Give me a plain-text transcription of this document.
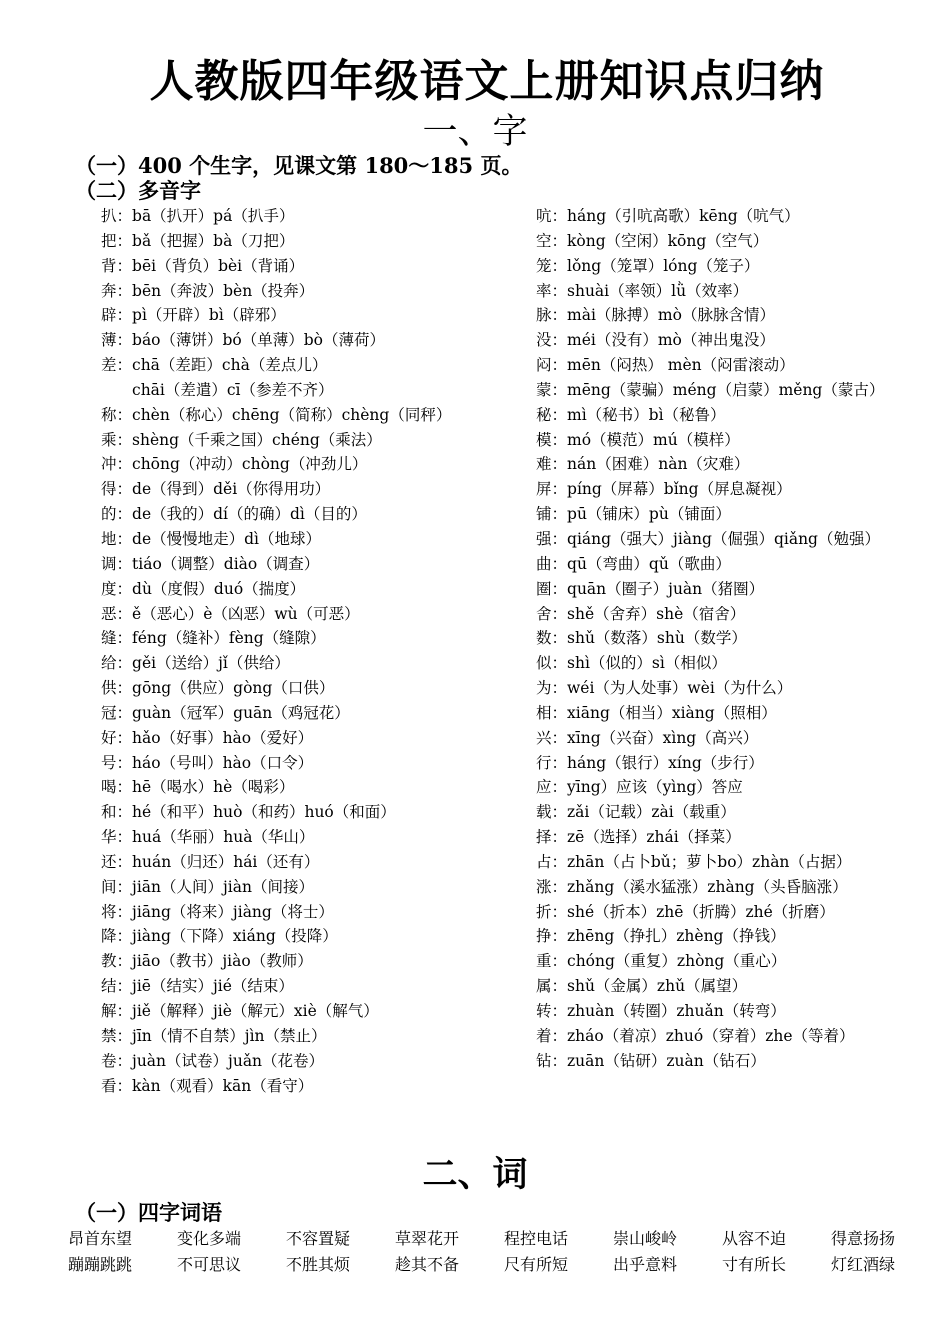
人教版四年级语文上册知识点归纳
一、字
（一）400 个生字，见课文第 180～185 页。
（二）多音字
扒：bā（扒开）pá（扒手）
把：bǎ（把握）bà（刀把）
背：bēi（背负）bèi（背诵）
奔：bēn（奔波）bèn（投奔）
辟：pì（开辟）bì（辟邪）
薄：báo（薄饼）bó（单薄）bò（薄荷）
差：chā（差距）chà（差点儿）
chāi（差遣）cī（参差不齐）
称：chèn（称心）chēng（简称）chèng（同秤）
乘：shèng（千乘之国）chéng（乘法）
冲：chōng（冲动）chòng（冲劲儿）
得：de（得到）děi（你得用功）
的：de（我的）dí（的确）dì（目的）
地：de（慢慢地走）dì（地球）
调：tiáo（调整）diào（调查）
度：dù（度假）duó（揣度）
恶：ě（恶心）è（凶恶）wù（可恶）
缝：féng（缝补）fèng（缝隙）
给：gěi（送给）jǐ（供给）
供：gōng（供应）gòng（口供）
冠：guàn（冠军）guān（鸡冠花）
好：hǎo（好事）hào（爱好）
号：háo（号叫）hào（口令）
喝：hē（喝水）hè（喝彩）
和：hé（和平）huò（和药）huó（和面）
华：huá（华丽）huà（华山）
还：huán（归还）hái（还有）
间：jiān（人间）jiàn（间接）
将：jiāng（将来）jiàng（将士）
降：jiàng（下降）xiáng（投降）
教：jiāo（教书）jiào（教师）
结：jiē（结实）jié（结束）
解：jiě（解释）jiè（解元）xiè（解气）
禁：jīn（情不自禁）jìn（禁止）
卷：juàn（试卷）juǎn（花卷）
看：kàn（观看）kān（看守）
吭：háng（引吭高歌）kēng（吭气）
空：kòng（空闲）kōng（空气）
笼：lǒng（笼罩）lóng（笼子）
率：shuài（率领）lǜ（效率）
脉：mài（脉搏）mò（脉脉含情）
没：méi（没有）mò（神出鬼没）
闷：mēn（闷热） mèn（闷雷滚动）
蒙：mēng（蒙骗）méng（启蒙）měng（蒙古）
秘：mì（秘书）bì（秘鲁）
模：mó（模范）mú（模样）
难：nán（困难）nàn（灾难）
屏：píng（屏幕）bǐng（屏息凝视）
铺：pū（铺床）pù（铺面）
强：qiáng（强大）jiàng（倔强）qiǎng（勉强）
曲：qū（弯曲）qǔ（歌曲）
圈：quān（圈子）juàn（猪圈）
舍：shě（舍弃）shè（宿舍）
数：shǔ（数落）shù（数学）
似：shì（似的）sì（相似）
为：wéi（为人处事）wèi（为什么）
相：xiāng（相当）xiàng（照相）
兴：xīng（兴奋）xìng（高兴）
行：háng（银行）xíng（步行）
应：yīng）应该（yìng）答应
载：zǎi（记载）zài（载重）
择：zē（选择）zhái（择菜）
占：zhān（占卜bǔ；萝卜bo）zhàn（占据）
涨：zhǎng（溪水猛涨）zhàng（头昏脑涨）
折：shé（折本）zhē（折腾）zhé（折磨）
挣：zhēng（挣扎）zhèng（挣钱）
重：chóng（重复）zhòng（重心）
属：shǔ（金属）zhǔ（属望）
转：zhuàn（转圈）zhuǎn（转弯）
着：zháo（着凉）zhuó（穿着）zhe（等着）
钻：zuān（钻研）zuàn（钻石）
二、词
（一）四字词语
昂首东望	变化多端	不容置疑	草翠花开	程控电话	崇山峻岭	从容不迫	得意扬扬
蹦蹦跳跳	不可思议	不胜其烦	趁其不备	尺有所短	出乎意料	寸有所长	灯红酒绿
